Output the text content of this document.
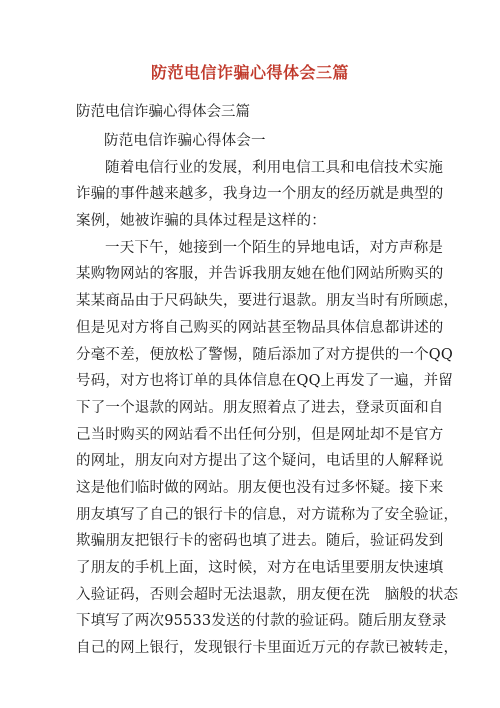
防范电信诈骗心得体会三篇
防范电信诈骗心得体会三篇
防范电信诈骗心得体会一
随着电信行业的发展，利用电信工具和电信技术实施
诈骗的事件越来越多，我身边一个朋友的经历就是典型的
案例，她被诈骗的具体过程是这样的：
一天下午，她接到一个陌生的异地电话，对方声称是
某购物网站的客服，并告诉我朋友她在他们网站所购买的
某某商品由于尺码缺失，要进行退款。朋友当时有所顾虑，
但是见对方将自己购买的网站甚至物品具体信息都讲述的
分毫不差，便放松了警惕，随后添加了对方提供的一个QQ
号码，对方也将订单的具体信息在QQ上再发了一遍，并留
下了一个退款的网站。朋友照着点了进去，登录页面和自
己当时购买的网站看不出任何分别，但是网址却不是官方
的网址，朋友向对方提出了这个疑问，电话里的人解释说
这是他们临时做的网站。朋友便也没有过多怀疑。接下来
朋友填写了自己的银行卡的信息，对方谎称为了安全验证，
欺骗朋友把银行卡的密码也填了进去。随后，验证码发到
了朋友的手机上面，这时候，对方在电话里要朋友快速填
入验证码，否则会超时无法退款，朋友便在洗　脑般的状态
下填写了两次95533发送的付款的验证码。随后朋友登录
自己的网上银行，发现银行卡里面近万元的存款已被转走，
